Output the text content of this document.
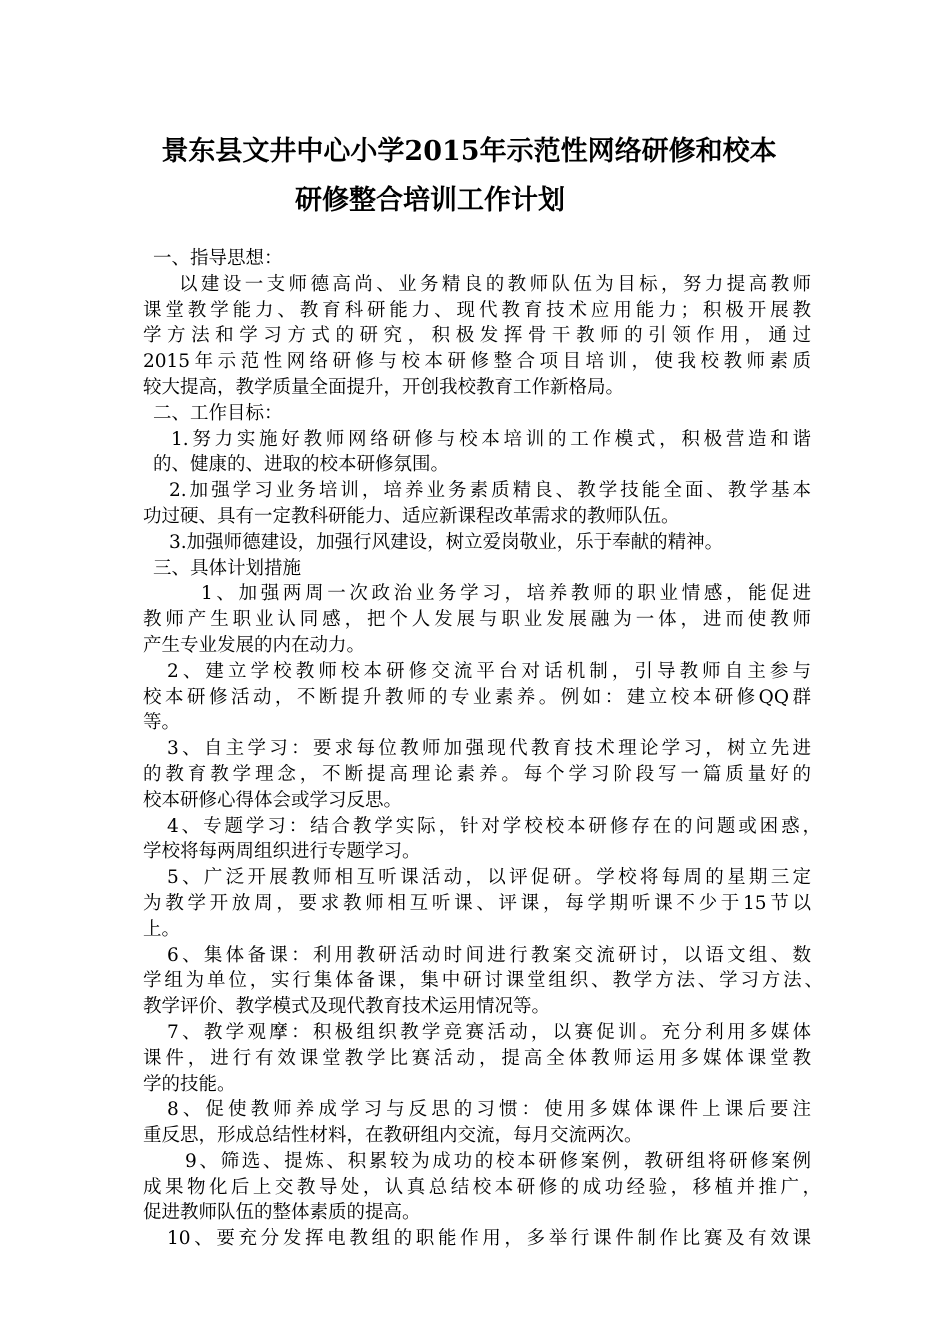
景东县文井中心小学2015年示范性网络研修和校本
研修整合培训工作计划
一、指导思想：
以建设一支师德高尚、业务精良的教师队伍为目标，努力提高教师
课堂教学能力、教育科研能力、现代教育技术应用能力；积极开展教
学方法和学习方式的研究，积极发挥骨干教师的引领作用，通过
2015年示范性网络研修与校本研修整合项目培训，使我校教师素质
较大提高，教学质量全面提升，开创我校教育工作新格局。
二、工作目标：
1.努力实施好教师网络研修与校本培训的工作模式，积极营造和谐
的、健康的、进取的校本研修氛围。
2.加强学习业务培训，培养业务素质精良、教学技能全面、教学基本
功过硬、具有一定教科研能力、适应新课程改革需求的教师队伍。
3.加强师德建设，加强行风建设，树立爱岗敬业，乐于奉献的精神。
三、具体计划措施
1、加强两周一次政治业务学习，培养教师的职业情感，能促进
教师产生职业认同感，把个人发展与职业发展融为一体，进而使教师
产生专业发展的内在动力。
2、建立学校教师校本研修交流平台对话机制，引导教师自主参与
校本研修活动，不断提升教师的专业素养。例如：建立校本研修QQ群
等。
3、自主学习：要求每位教师加强现代教育技术理论学习，树立先进
的教育教学理念，不断提高理论素养。每个学习阶段写一篇质量好的
校本研修心得体会或学习反思。
4、专题学习：结合教学实际，针对学校校本研修存在的问题或困惑，
学校将每两周组织进行专题学习。
5、广泛开展教师相互听课活动，以评促研。学校将每周的星期三定
为教学开放周，要求教师相互听课、评课，每学期听课不少于15节以
上。
6、集体备课：利用教研活动时间进行教案交流研讨，以语文组、数
学组为单位，实行集体备课，集中研讨课堂组织、教学方法、学习方法、
教学评价、教学模式及现代教育技术运用情况等。
7、教学观摩：积极组织教学竞赛活动，以赛促训。充分利用多媒体
课件，进行有效课堂教学比赛活动，提高全体教师运用多媒体课堂教
学的技能。
8、促使教师养成学习与反思的习惯：使用多媒体课件上课后要注
重反思，形成总结性材料，在教研组内交流，每月交流两次。
9、筛选、提炼、积累较为成功的校本研修案例，教研组将研修案例
成果物化后上交教导处，认真总结校本研修的成功经验，移植并推广，
促进教师队伍的整体素质的提高。
10、要充分发挥电教组的职能作用，多举行课件制作比赛及有效课
